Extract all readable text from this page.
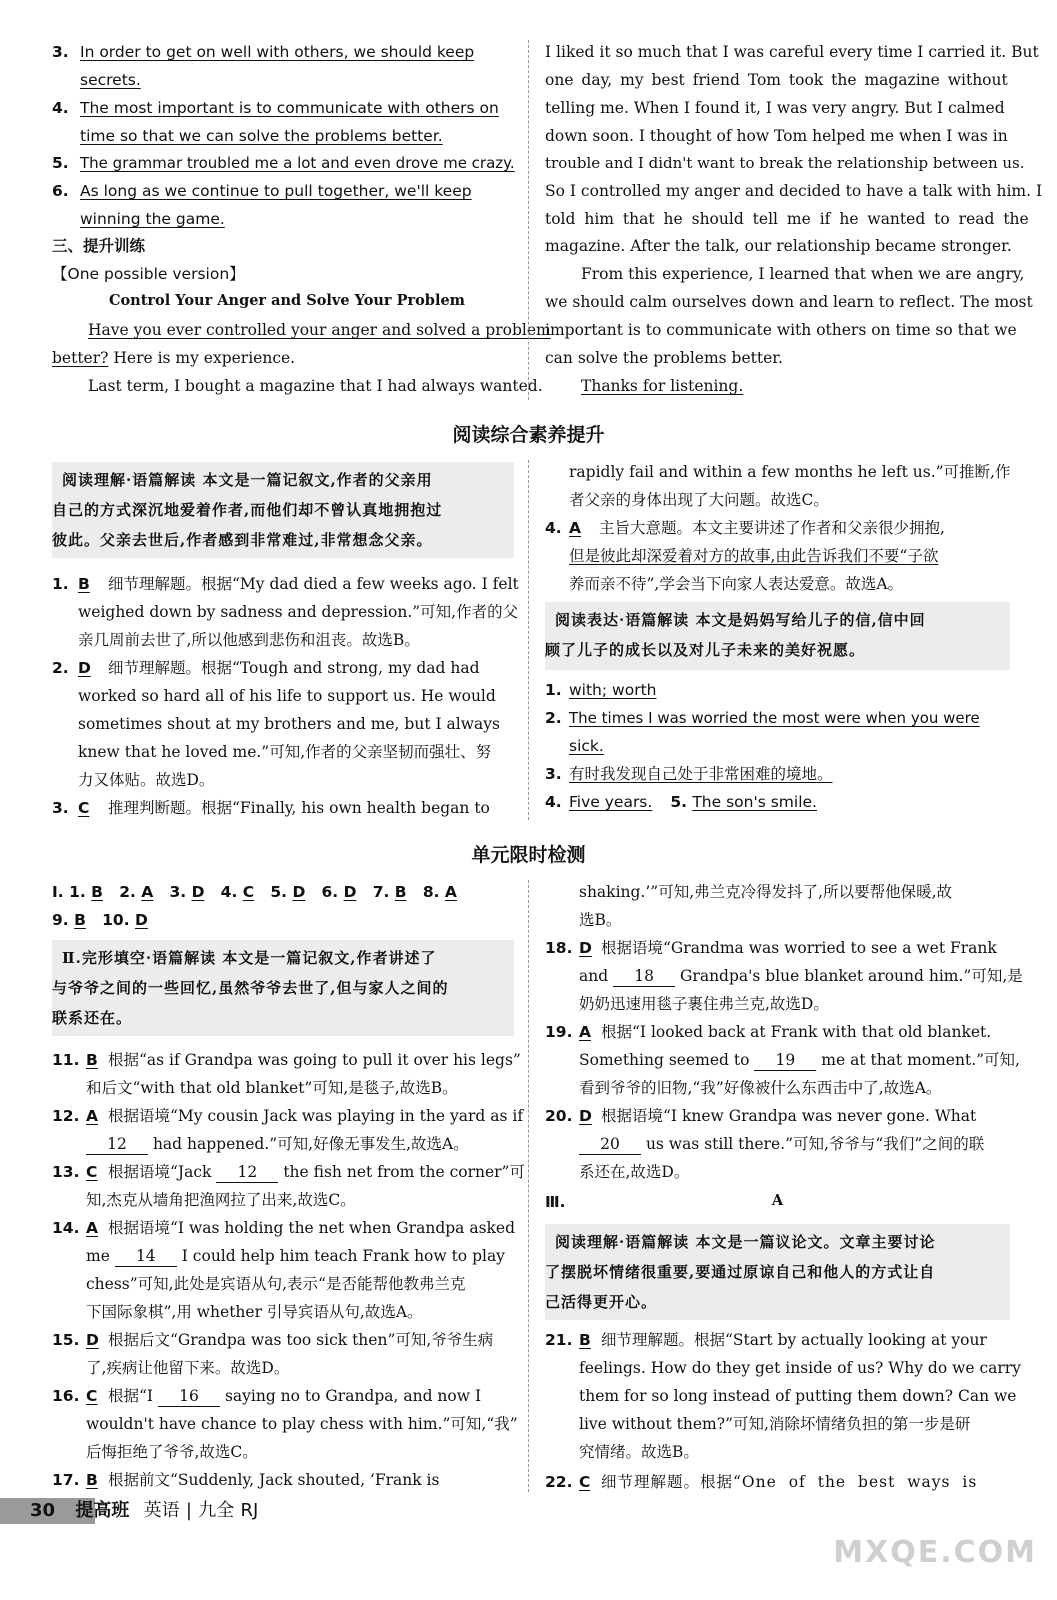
3. In order to get on well with others, we should keep
secrets.
4. The most important is to communicate with others on
time so that we can solve the problems better.
5. The grammar troubled me a lot and even drove me crazy.
6. As long as we continue to pull together, we'll keep
winning the game.
三、提升训练
【One possible version】
Control Your Anger and Solve Your Problem
Have you ever controlled your anger and solved a problem
better? Here is my experience.
Last term, I bought a magazine that I had always wanted.
I liked it so much that I was careful every time I carried it. But
one day, my best friend Tom took the magazine without
telling me. When I found it, I was very angry. But I calmed
down soon. I thought of how Tom helped me when I was in
trouble and I didn't want to break the relationship between us.
So I controlled my anger and decided to have a talk with him. I
told him that he should tell me if he wanted to read the
magazine. After the talk, our relationship became stronger.
From this experience, I learned that when we are angry,
we should calm ourselves down and learn to reflect. The most
important is to communicate with others on time so that we
can solve the problems better.
Thanks for listening.
阅读综合素养提升
阅读理解·语篇解读 本文是一篇记叙文,作者的父亲用
自己的方式深沉地爱着作者,而他们却不曾认真地拥抱过
彼此。父亲去世后,作者感到非常难过,非常想念父亲。
1. B 细节理解题。根据“My dad died a few weeks ago. I felt
weighed down by sadness and depression.”可知,作者的父
亲几周前去世了,所以他感到悲伤和沮丧。故选B。
2. D 细节理解题。根据“Tough and strong, my dad had
worked so hard all of his life to support us. He would
sometimes shout at my brothers and me, but I always
knew that he loved me.”可知,作者的父亲坚韧而强壮、努
力又体贴。故选D。
3. C 推理判断题。根据“Finally, his own health began to
rapidly fail and within a few months he left us.”可推断,作
者父亲的身体出现了大问题。故选C。
4. A 主旨大意题。本文主要讲述了作者和父亲很少拥抱,
但是彼此却深爱着对方的故事,由此告诉我们不要“子欲
养而亲不待”,学会当下向家人表达爱意。故选A。
阅读表达·语篇解读 本文是妈妈写给儿子的信,信中回
顾了儿子的成长以及对儿子未来的美好祝愿。
1. with; worth
2. The times I was worried the most were when you were
sick.
3. 有时我发现自己处于非常困难的境地。
4. Five years. 5. The son's smile.
单元限时检测
Ⅰ. 1. B 2. A 3. D 4. C 5. D 6. D 7. B 8. A
9. B 10. D
Ⅱ.完形填空·语篇解读 本文是一篇记叙文,作者讲述了
与爷爷之间的一些回忆,虽然爷爷去世了,但与家人之间的
联系还在。
11. B 根据“as if Grandpa was going to pull it over his legs”
和后文“with that old blanket”可知,是毯子,故选B。
12. A 根据语境“My cousin Jack was playing in the yard as if
12 had happened.”可知,好像无事发生,故选A。
13. C 根据语境“Jack 12 the fish net from the corner”可
知,杰克从墙角把渔网拉了出来,故选C。
14. A 根据语境“I was holding the net when Grandpa asked
me 14 I could help him teach Frank how to play
chess”可知,此处是宾语从句,表示“是否能帮他教弗兰克
下国际象棋”,用 whether 引导宾语从句,故选A。
15. D 根据后文“Grandpa was too sick then”可知,爷爷生病
了,疾病让他留下来。故选D。
16. C 根据“I 16 saying no to Grandpa, and now I
wouldn't have chance to play chess with him.”可知,“我”
后悔拒绝了爷爷,故选C。
17. B 根据前文“Suddenly, Jack shouted, ‘Frank is
shaking.’”可知,弗兰克冷得发抖了,所以要帮他保暖,故
选B。
18. D 根据语境“Grandma was worried to see a wet Frank
and 18 Grandpa's blue blanket around him.”可知,是
奶奶迅速用毯子裹住弗兰克,故选D。
19. A 根据“I looked back at Frank with that old blanket.
Something seemed to 19 me at that moment.”可知,
看到爷爷的旧物,“我”好像被什么东西击中了,故选A。
20. D 根据语境“I knew Grandpa was never gone. What
20 us was still there.”可知,爷爷与“我们”之间的联
系还在,故选D。
Ⅲ.	A
阅读理解·语篇解读 本文是一篇议论文。文章主要讨论
了摆脱坏情绪很重要,要通过原谅自己和他人的方式让自
己活得更开心。
21. B 细节理解题。根据“Start by actually looking at your
feelings. How do they get inside of us? Why do we carry
them for so long instead of putting them down? Can we
live without them?”可知,消除坏情绪负担的第一步是研
究情绪。故选B。
22. C 细节理解题。根据“One of the best ways is
30 提高班 英语 | 九全 RJ
MXQE.COM
